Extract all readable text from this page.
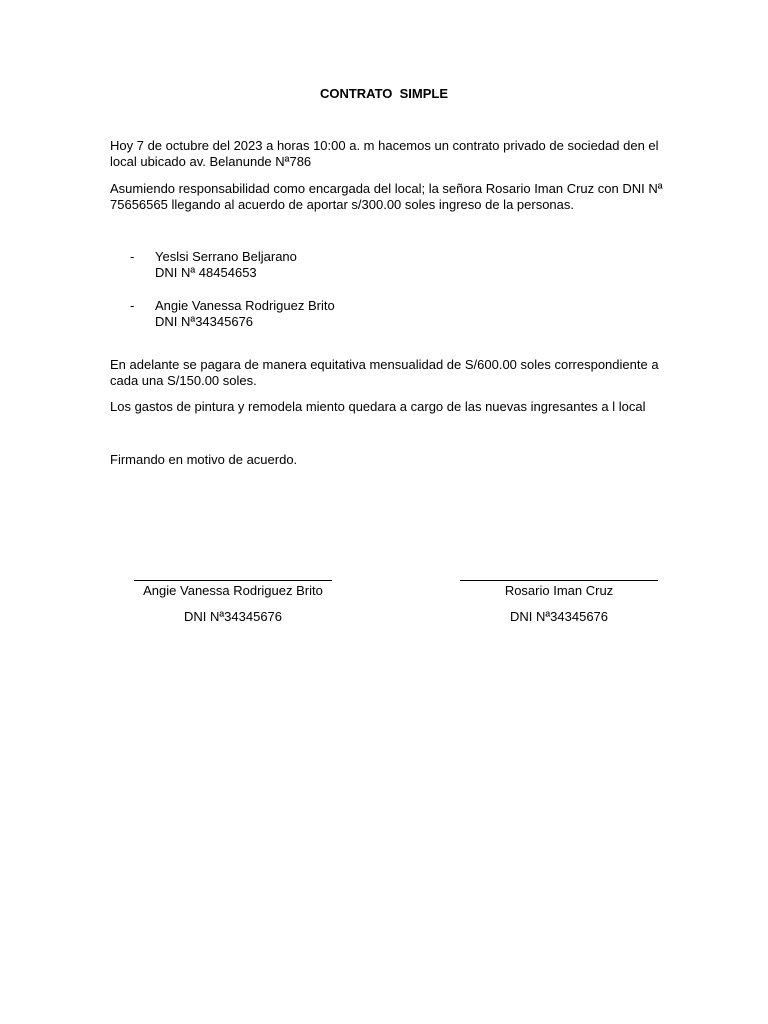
CONTRATO  SIMPLE

Hoy 7 de octubre del 2023 a horas 10:00 a. m hacemos un contrato privado de sociedad den el local ubicado av. Belanunde Nª786

Asumiendo responsabilidad como encargada del local; la señora Rosario Iman Cruz con DNI Nª 75656565 llegando al acuerdo de aportar s/300.00 soles ingreso de la personas.

- Yeslsi Serrano Beljarano
DNI Nª 48454653
- Angie Vanessa Rodriguez Brito
DNI Nª34345676

En adelante se pagara de manera equitativa mensualidad de S/600.00 soles correspondiente a cada una S/150.00 soles.

Los gastos de pintura y remodela miento quedara a cargo de las nuevas ingresantes a l local

Firmando en motivo de acuerdo.

Angie Vanessa Rodriguez Brito
DNI Nª34345676
Rosario Iman Cruz
DNI Nª34345676
